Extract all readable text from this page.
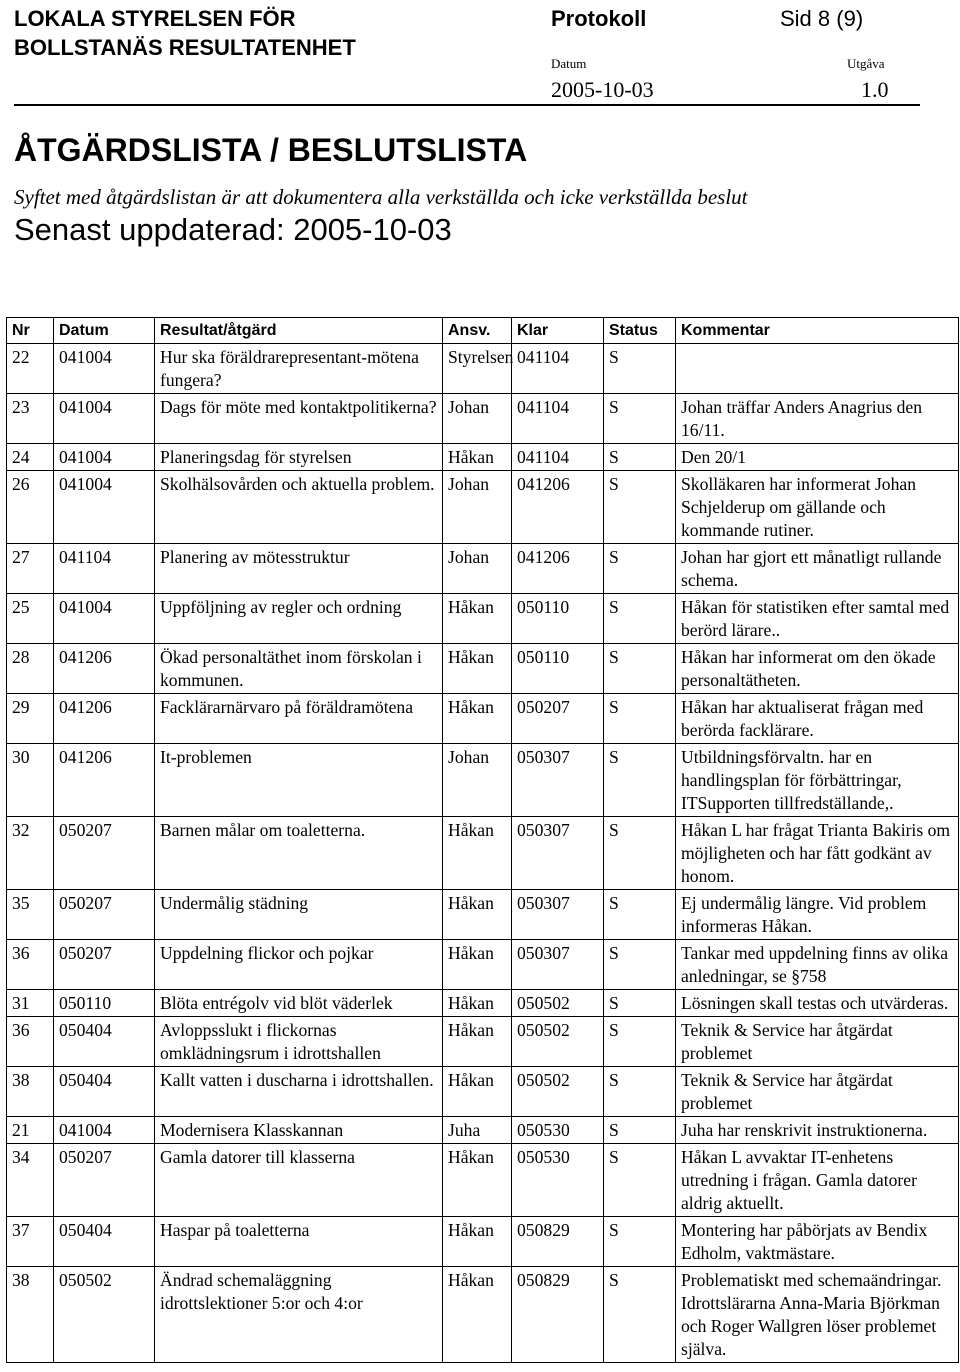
LOKALA STYRELSEN FÖR
BOLLSTANÄS RESULTATENHET
Protokoll	Sid 8 (9)
Datum	Utgåva
2005-10-03	1.0
ÅTGÄRDSLISTA / BESLUTSLISTA
Syftet med åtgärdslistan är att dokumentera alla verkställda och icke verkställda beslut
Senast uppdaterad: 2005-10-03
Nr	Datum	Resultat/åtgärd	Ansv.	Klar	Status	Kommentar
22	041004	Hur ska föräldrarepresentant-mötena fungera?	Styrelsen	041104	S	
23	041004	Dags för möte med kontaktpolitikerna?	Johan	041104	S	Johan träffar Anders Anagrius den 16/11.
24	041004	Planeringsdag för styrelsen	Håkan	041104	S	Den 20/1
26	041004	Skolhälsovården och aktuella problem.	Johan	041206	S	Skolläkaren har informerat Johan Schjelderup om gällande och kommande rutiner.
27	041104	Planering av mötesstruktur	Johan	041206	S	Johan har gjort ett månatligt rullande schema.
25	041004	Uppföljning av regler och ordning	Håkan	050110	S	Håkan för statistiken efter samtal med berörd lärare..
28	041206	Ökad personaltäthet inom förskolan i kommunen.	Håkan	050110	S	Håkan har informerat om den ökade personaltätheten.
29	041206	Facklärarnärvaro på föräldramötena	Håkan	050207	S	Håkan har aktualiserat frågan med berörda facklärare.
30	041206	It-problemen	Johan	050307	S	Utbildningsförvaltn. har en handlingsplan för förbättringar, ITSupporten tillfredställande,.
32	050207	Barnen målar om toaletterna.	Håkan	050307	S	Håkan L har frågat Trianta Bakiris om möjligheten och har fått godkänt av honom.
35	050207	Undermålig städning	Håkan	050307	S	Ej undermålig längre. Vid problem informeras Håkan.
36	050207	Uppdelning flickor och pojkar	Håkan	050307	S	Tankar med uppdelning finns av olika anledningar, se §758
31	050110	Blöta entrégolv vid blöt väderlek	Håkan	050502	S	Lösningen skall testas och utvärderas.
36	050404	Avloppsslukt i flickornas omklädningsrum i idrottshallen	Håkan	050502	S	Teknik & Service har åtgärdat problemet
38	050404	Kallt vatten i duscharna i idrottshallen.	Håkan	050502	S	Teknik & Service har åtgärdat problemet
21	041004	Modernisera Klasskannan	Juha	050530	S	Juha har renskrivit instruktionerna.
34	050207	Gamla datorer till klasserna	Håkan	050530	S	Håkan L avvaktar IT-enhetens utredning i frågan. Gamla datorer aldrig aktuellt.
37	050404	Haspar på toaletterna	Håkan	050829	S	Montering har påbörjats av Bendix Edholm, vaktmästare.
38	050502	Ändrad schemaläggning idrottslektioner 5:or och 4:or	Håkan	050829	S	Problematiskt med schemaändringar. Idrottslärarna Anna-Maria Björkman och Roger Wallgren löser problemet själva.
